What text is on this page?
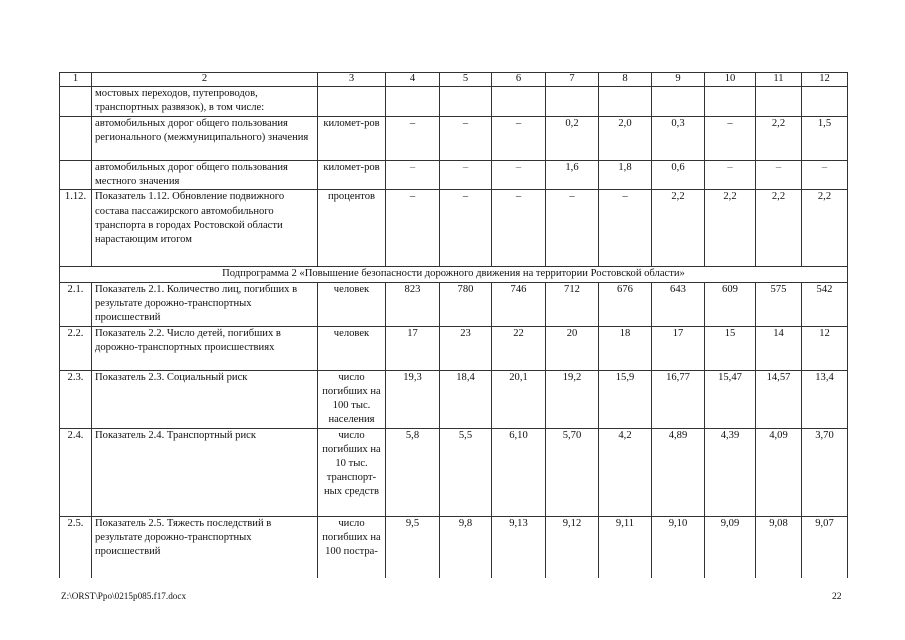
1	2	3	4	5	6	7	8	9	10	11	12
	мостовых переходов, путепроводов, транспортных развязок), в том числе:										
	автомобильных дорог общего пользования регионального (межмуниципального) значения	километ-ров	–	–	–	0,2	2,0	0,3	–	2,2	1,5
	автомобильных дорог общего пользования местного значения	километ-ров	–	–	–	1,6	1,8	0,6	–	–	–
1.12.	Показатель 1.12. Обновление подвижного состава пассажирского автомобильного транспорта в городах Ростовской области нарастающим итогом	процентов	–	–	–	–	–	2,2	2,2	2,2	2,2
Подпрограмма 2 «Повышение безопасности дорожного движения на территории Ростовской области»											
2.1.	Показатель 2.1. Количество лиц, погибших в результате дорожно-транспортных происшествий	человек	823	780	746	712	676	643	609	575	542
2.2.	Показатель 2.2. Число детей, погибших в дорожно-транспортных происшествиях	человек	17	23	22	20	18	17	15	14	12
2.3.	Показатель 2.3. Социальный риск	число погибших на 100 тыс. населения	19,3	18,4	20,1	19,2	15,9	16,77	15,47	14,57	13,4
2.4.	Показатель 2.4. Транспортный риск	число погибших на 10 тыс. транспорт-ных средств	5,8	5,5	6,10	5,70	4,2	4,89	4,39	4,09	3,70
2.5.	Показатель 2.5. Тяжесть последствий в результате дорожно-транспортных происшествий	число погибших на 100 постра-	9,5	9,8	9,13	9,12	9,11	9,10	9,09	9,08	9,07
Z:\ORST\Ppo\0215p085.f17.docx	22
